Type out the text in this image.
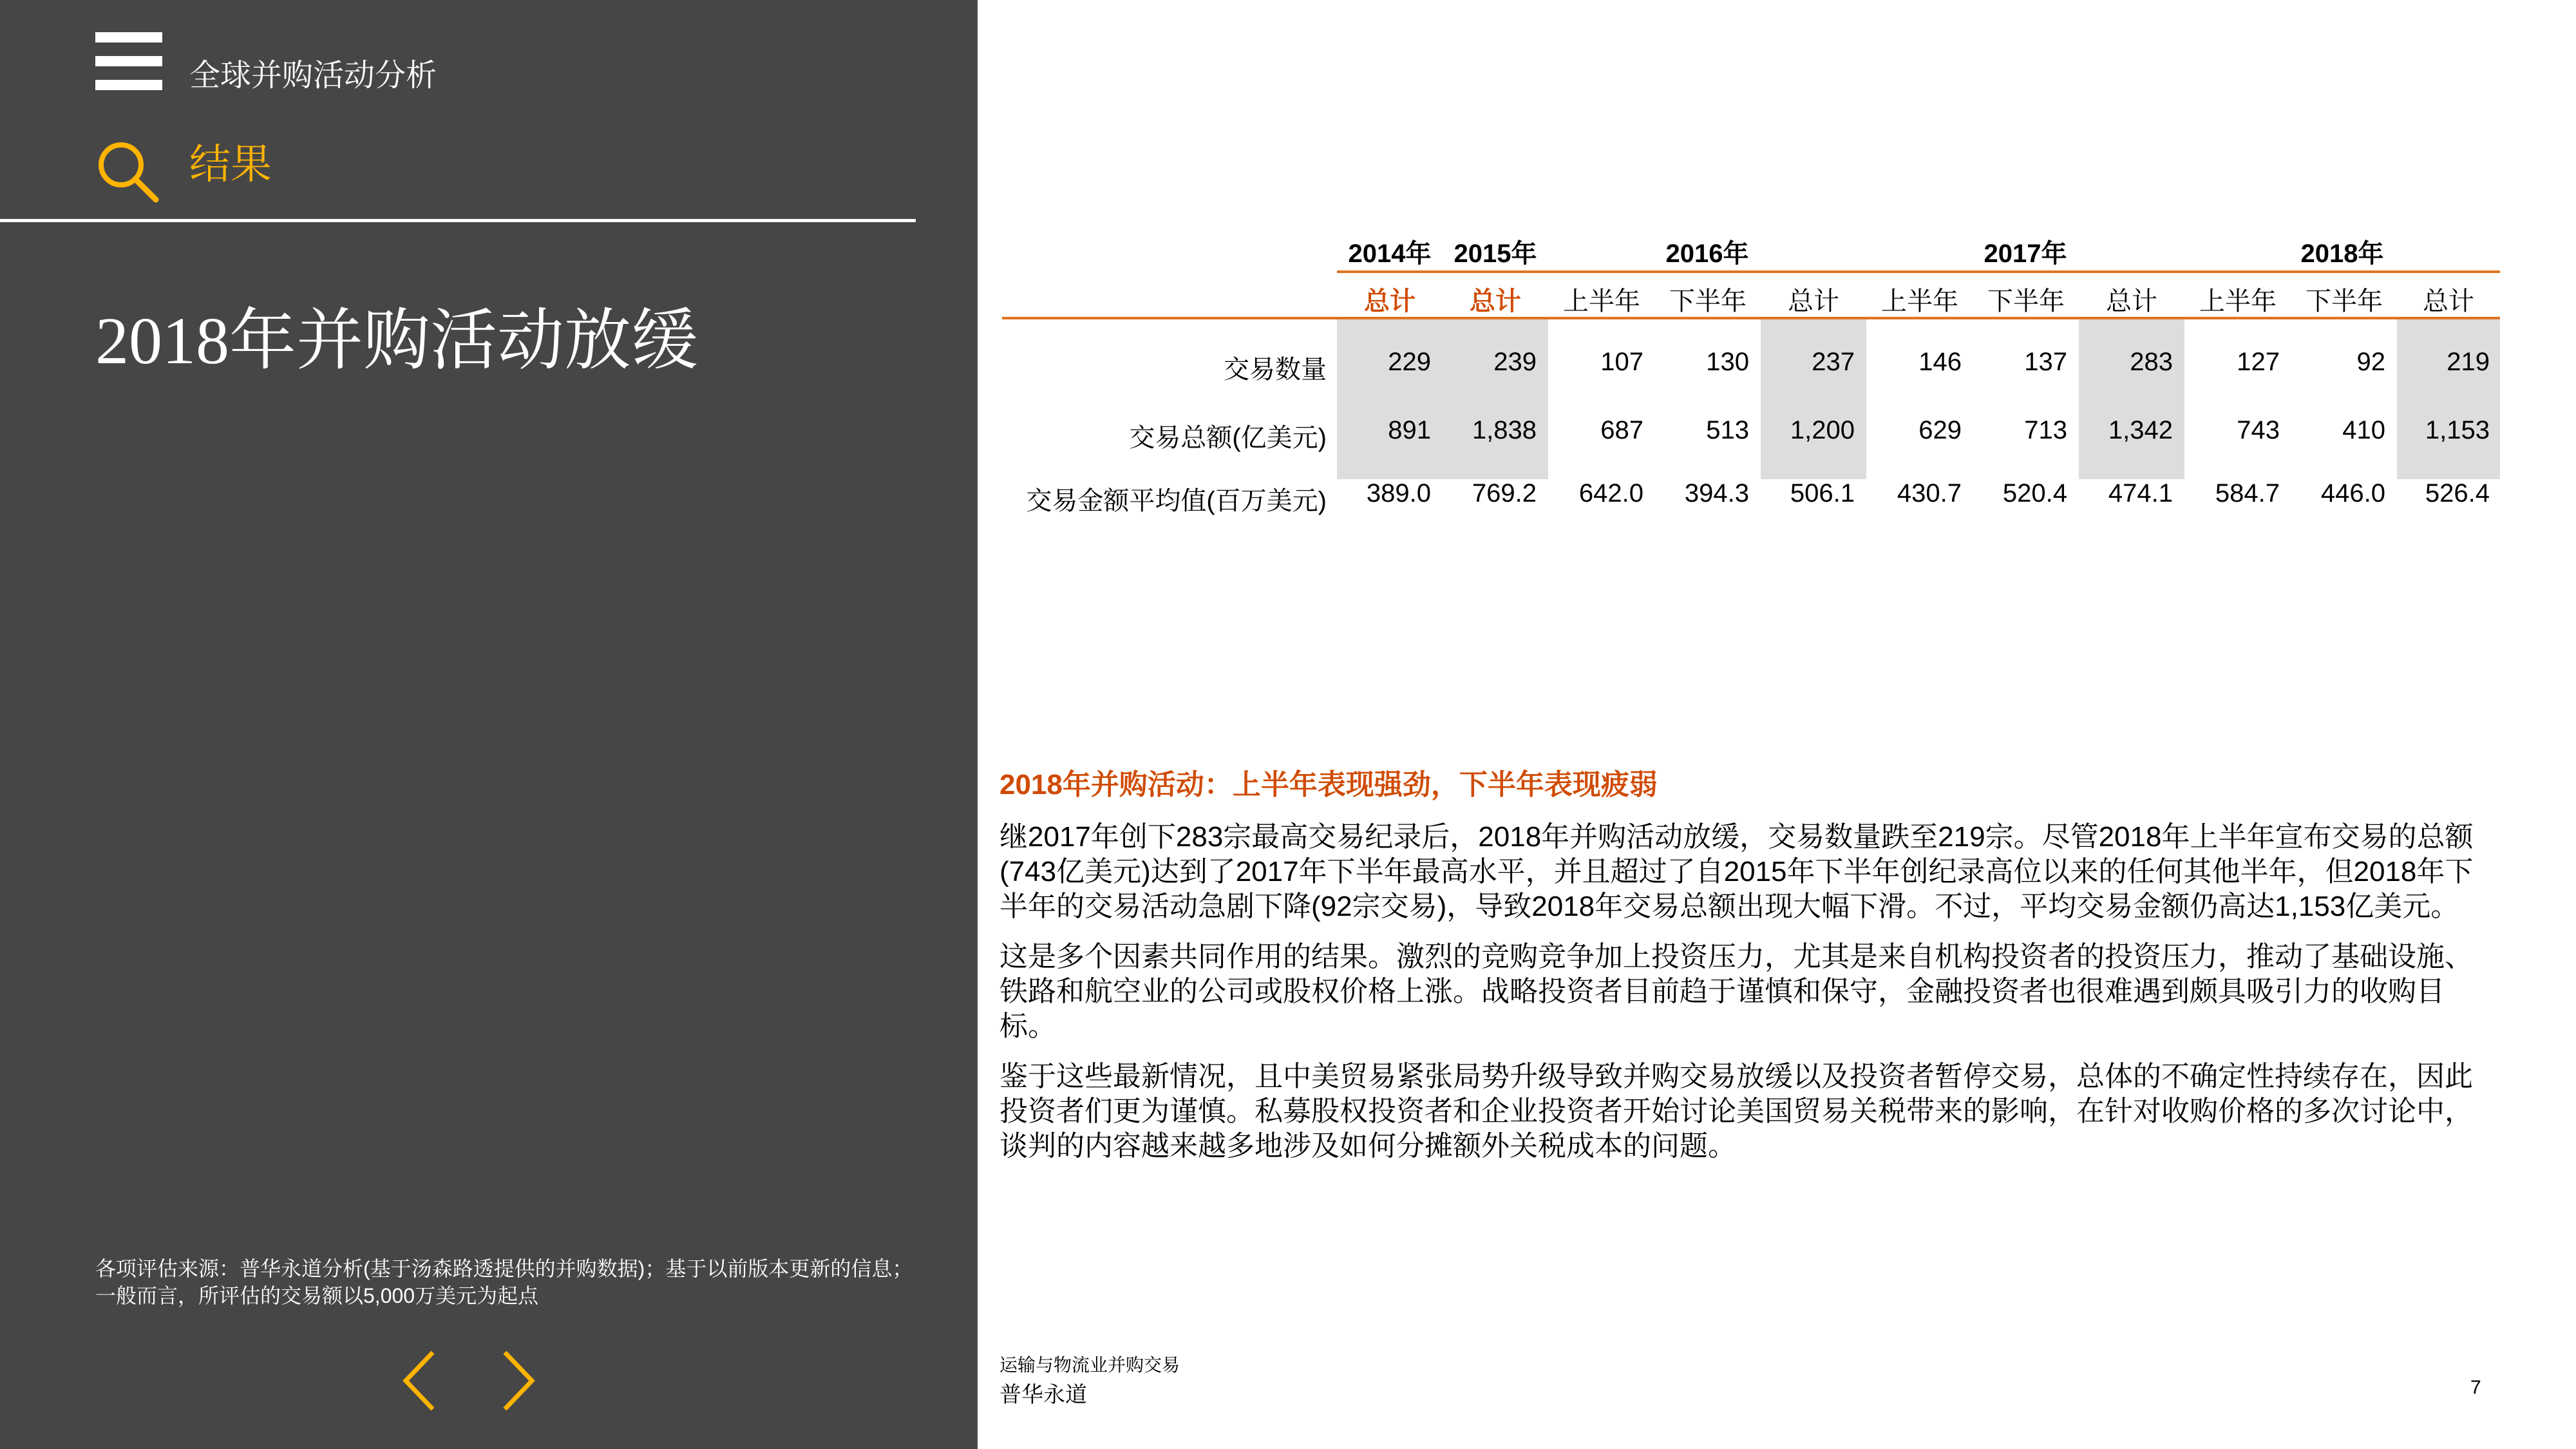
全球并购活动分析
结果
2018年并购活动放缓
各项评估来源：普华永道分析(基于汤森路透提供的并购数据)；基于以前版本更新的信息；一般而言，所评估的交易额以5,000万美元为起点
2014年 2015年	2016年	2017年	2018年
总计	总计	上半年	下半年	总计	上半年	下半年	总计	上半年	下半年	总计
交易数量	229	239	107	130	237	146	137	283	127	92	219
交易总额(亿美元)	891	1,838	687	513	1,200	629	713	1,342	743	410	1,153
交易金额平均值(百万美元)	389.0	769.2	642.0	394.3	506.1	430.7	520.4	474.1	584.7	446.0	526.4
2018年并购活动：上半年表现强劲，下半年表现疲弱

继2017年创下283宗最高交易纪录后，2018年并购活动放缓，交易数量跌至219宗。尽管2018年上半年宣布交易的总额(743亿美元)达到了2017年下半年最高水平，并且超过了自2015年下半年创纪录高位以来的任何其他半年，但2018年下半年的交易活动急剧下降(92宗交易)，导致2018年交易总额出现大幅下滑。不过，平均交易金额仍高达1,153亿美元。

这是多个因素共同作用的结果。激烈的竞购竞争加上投资压力，尤其是来自机构投资者的投资压力，推动了基础设施、铁路和航空业的公司或股权价格上涨。战略投资者目前趋于谨慎和保守，金融投资者也很难遇到颇具吸引力的收购目标。

鉴于这些最新情况，且中美贸易紧张局势升级导致并购交易放缓以及投资者暂停交易，总体的不确定性持续存在，因此投资者们更为谨慎。私募股权投资者和企业投资者开始讨论美国贸易关税带来的影响，在针对收购价格的多次讨论中，谈判的内容越来越多地涉及如何分摊额外关税成本的问题。

运输与物流业并购交易
普华永道	7
